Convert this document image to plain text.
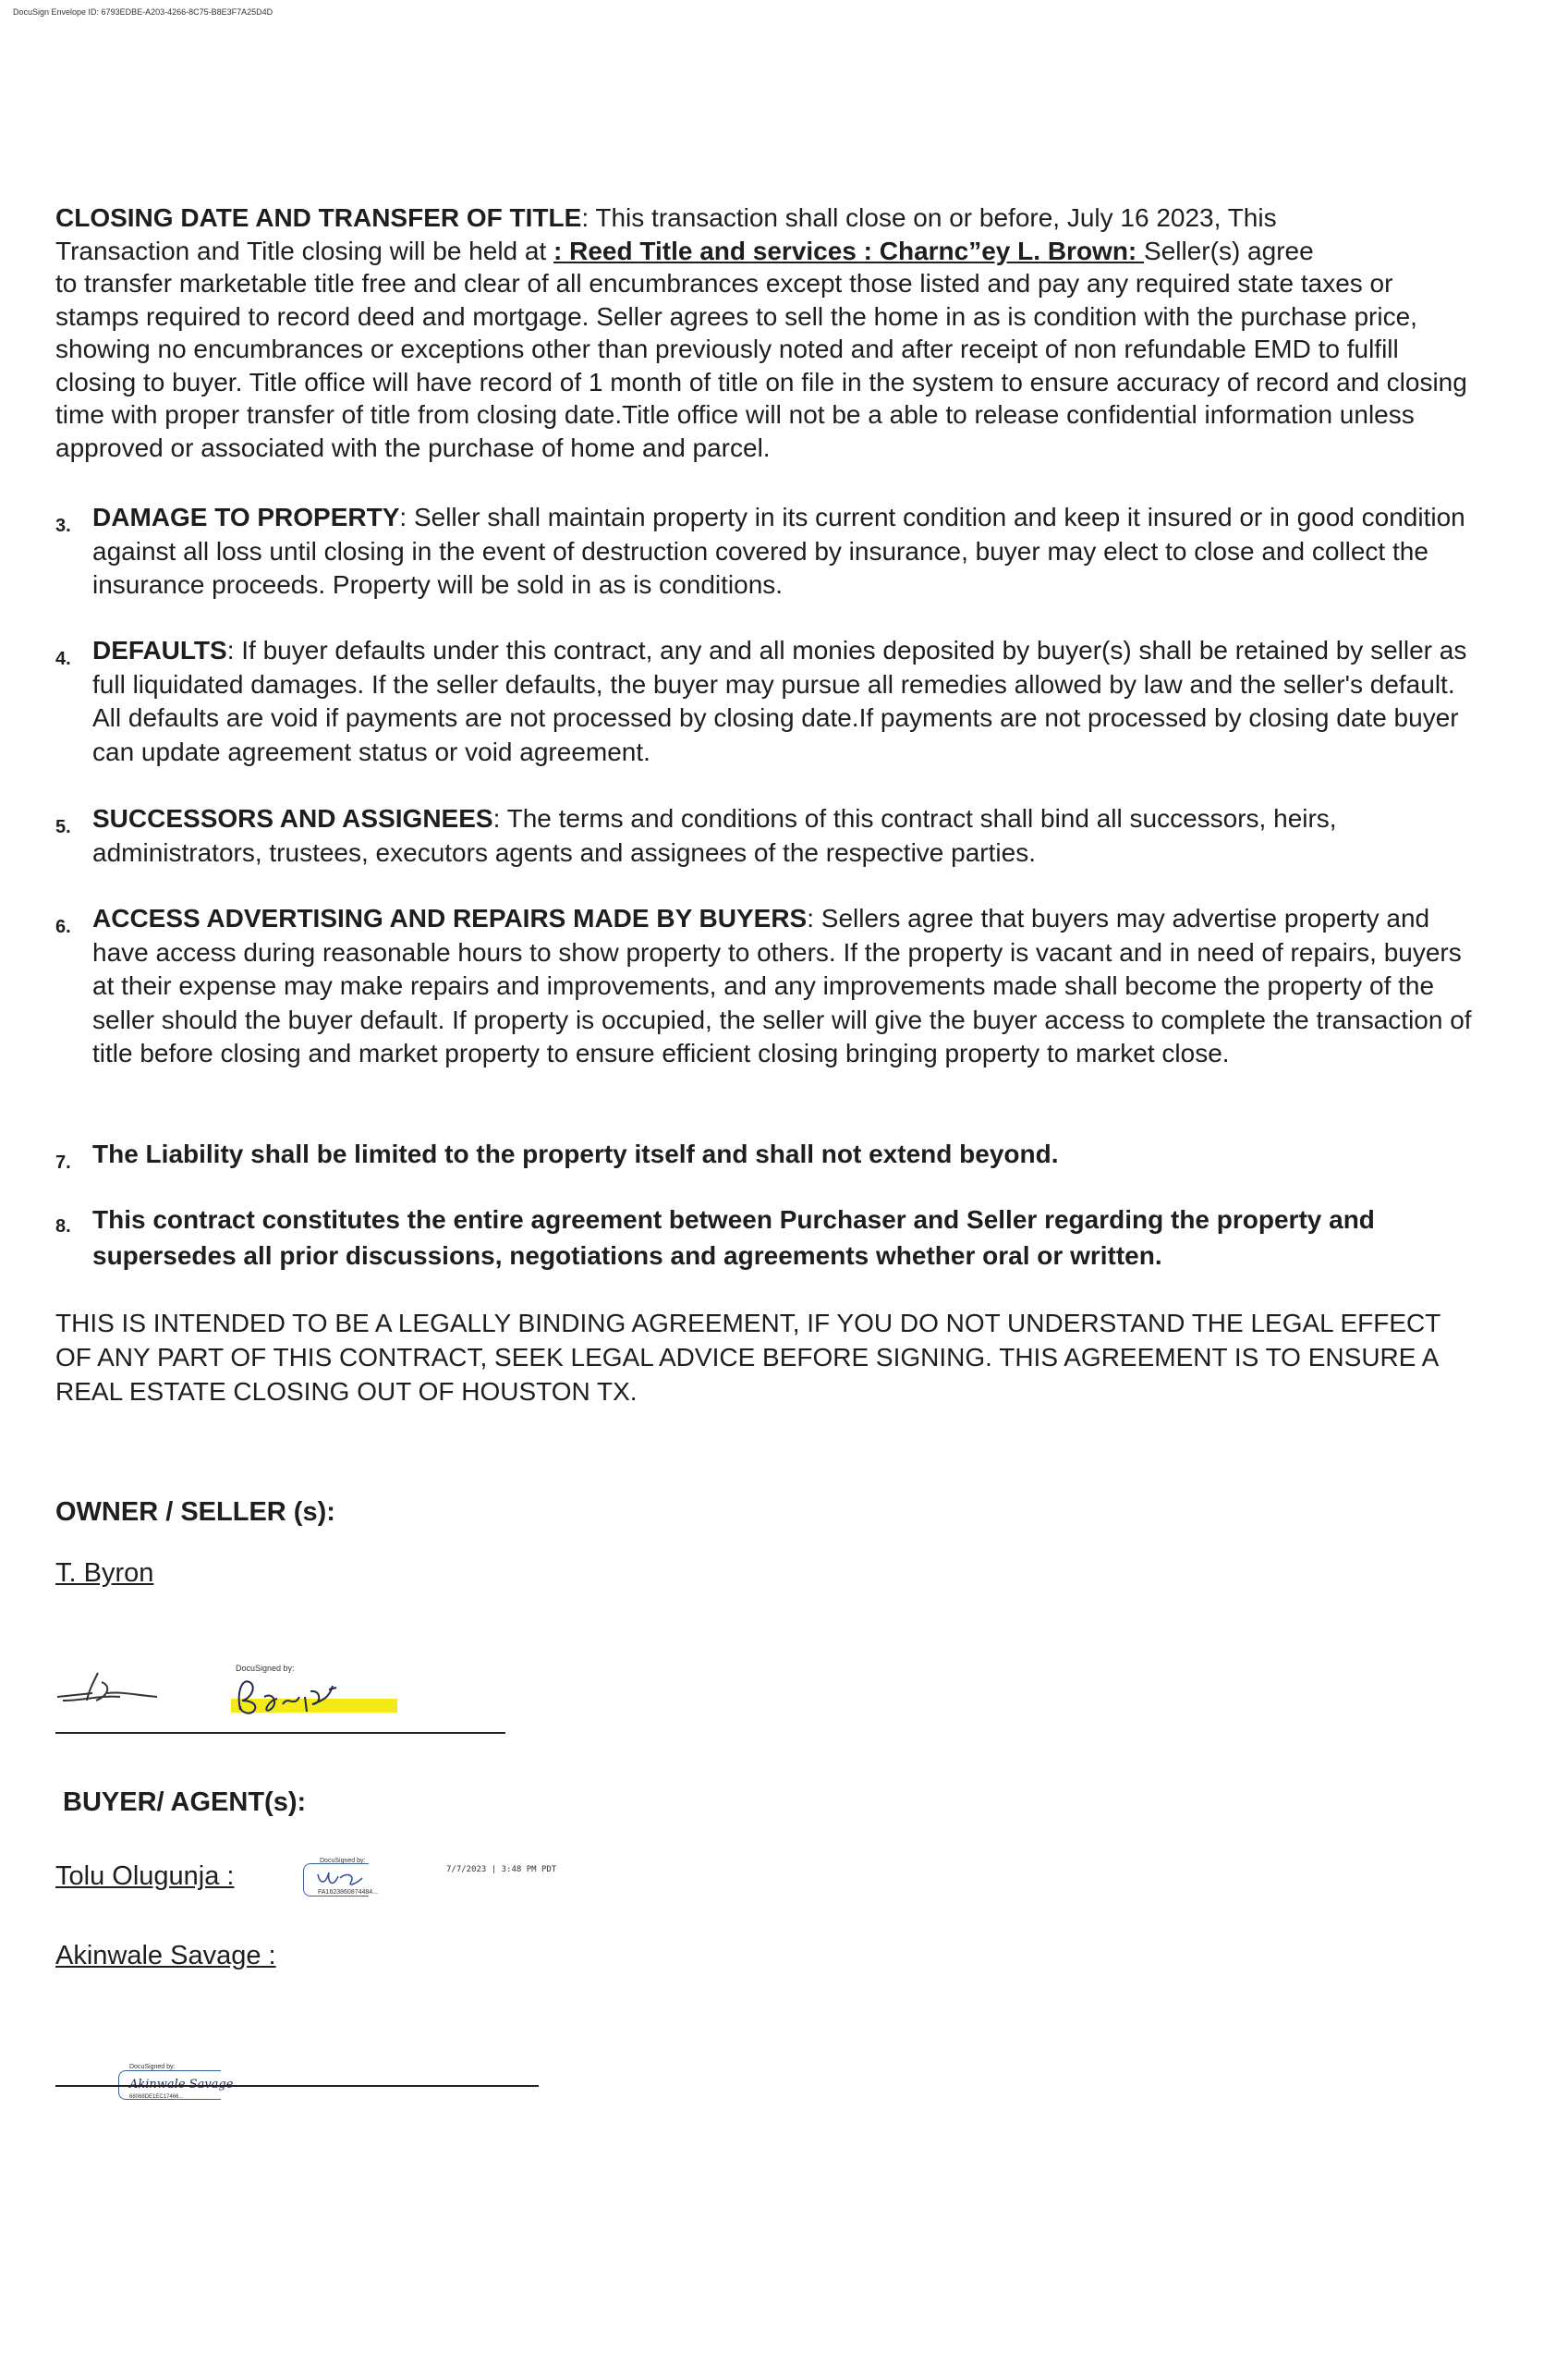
DocuSign Envelope ID: 6793EDBE-A203-4266-8C75-B8E3F7A25D4D
CLOSING DATE AND TRANSFER OF TITLE: This transaction shall close on or before, July 16 2023, This
Transaction and Title closing will be held at : Reed Title and services : Charnc”ey L. Brown: Seller(s) agree
to transfer marketable title free and clear of all encumbrances except those listed and pay any required state taxes or stamps required to record deed and mortgage. Seller agrees to sell the home in as is condition with the purchase price, showing no encumbrances or exceptions other than previously noted and after receipt of non refundable EMD to fulfill closing to buyer. Title office will have record of 1 month of title on file in the system to ensure accuracy of record and closing time with proper transfer of title from closing date.Title office will not be a able to release confidential information unless approved or associated with the purchase of home and parcel.
3. DAMAGE TO PROPERTY: Seller shall maintain property in its current condition and keep it insured or in good condition against all loss until closing in the event of destruction covered by insurance, buyer may elect to close and collect the insurance proceeds. Property will be sold in as is conditions.
4. DEFAULTS: If buyer defaults under this contract, any and all monies deposited by buyer(s) shall be retained by seller as full liquidated damages. If the seller defaults, the buyer may pursue all remedies allowed by law and the seller's default. All defaults are void if payments are not processed by closing date.If payments are not processed by closing date buyer can update agreement status or void agreement.
5. SUCCESSORS AND ASSIGNEES: The terms and conditions of this contract shall bind all successors, heirs, administrators, trustees, executors agents and assignees of the respective parties.
6. ACCESS ADVERTISING AND REPAIRS MADE BY BUYERS: Sellers agree that buyers may advertise property and have access during reasonable hours to show property to others. If the property is vacant and in need of repairs, buyers at their expense may make repairs and improvements, and any improvements made shall become the property of the seller should the buyer default. If property is occupied, the seller will give the buyer access to complete the transaction of title before closing and market property to ensure efficient closing bringing property to market close.
7. The Liability shall be limited to the property itself and shall not extend beyond.
8. This contract constitutes the entire agreement between Purchaser and Seller regarding the property and supersedes all prior discussions, negotiations and agreements whether oral or written.
THIS IS INTENDED TO BE A LEGALLY BINDING AGREEMENT, IF YOU DO NOT UNDERSTAND THE LEGAL EFFECT OF ANY PART OF THIS CONTRACT, SEEK LEGAL ADVICE BEFORE SIGNING. THIS AGREEMENT IS TO ENSURE A REAL ESTATE CLOSING OUT OF HOUSTON TX.
OWNER / SELLER (s):
T. Byron
DocuSigned by:
BUYER/ AGENT(s):
Tolu Olugunja :
DocuSigned by:
FA1623860874484...
7/7/2023 | 3:48 PM PDT
Akinwale Savage :
DocuSigned by:
68068DE1EC17466...
